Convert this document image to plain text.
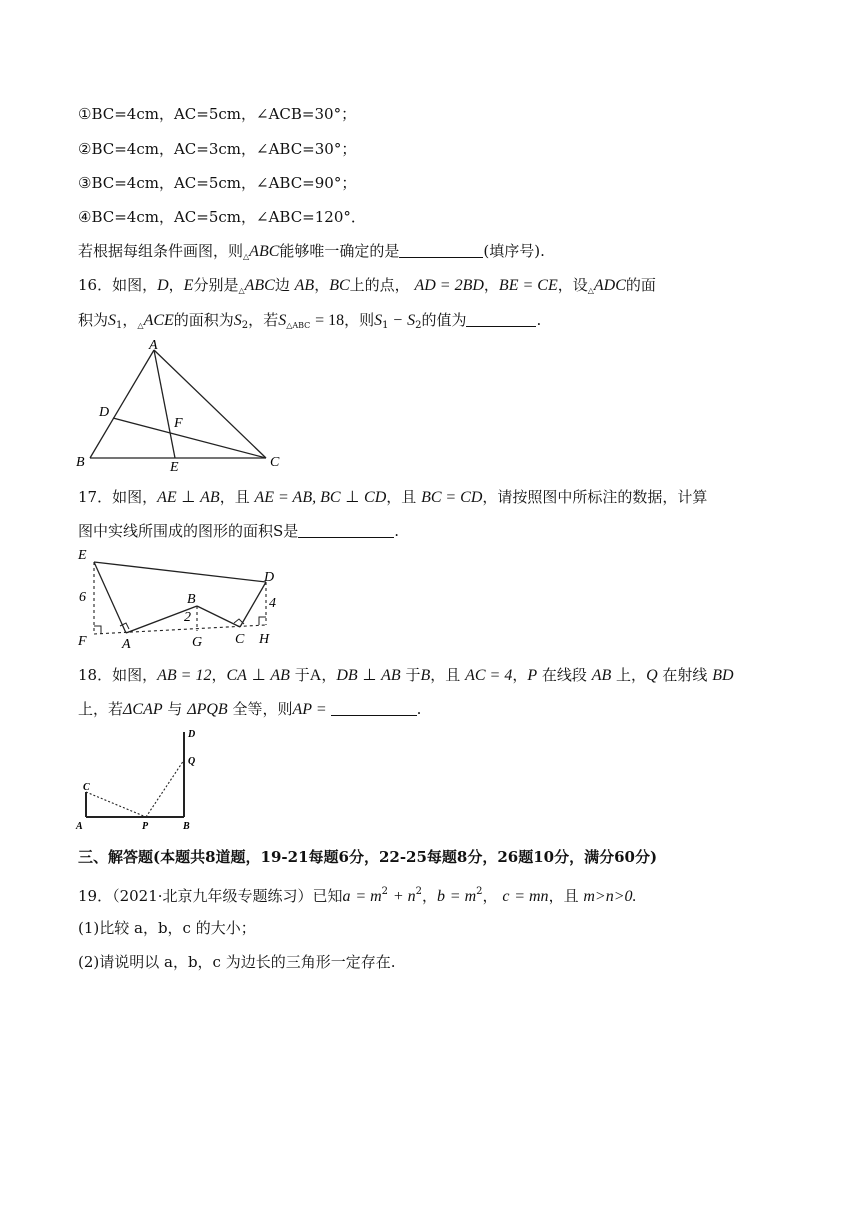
①BC=4cm，AC=5cm，∠ACB=30°；
②BC=4cm，AC=3cm，∠ABC=30°；
③BC=4cm，AC=5cm，∠ABC=90°；
④BC=4cm，AC=5cm，∠ABC=120°．
若根据每组条件画图，则$_\triangle$ABC能够唯一确定的是	(填序号).
16．如图，D，E分别是$_\triangle$ABC边 AB，BC上的点， AD = 2BD，BE = CE，设$_\triangle$ADC的面
积为$S_1$，$_\triangle$ACE的面积为$S_2$，若$S_{\triangle ABC} = 18$，则$S_1 - S_2$的值为	.
A
B	C
D
E
F
17．如图，AE ⊥ AB，且 AE = AB, BC ⊥ CD，且 BC = CD，请按照图中所标注的数据，计算
图中实线所围成的图形的面积S是	.
E
D
B
F	A	G C H
6	4
2
18．如图，AB = 12，CA ⊥ AB 于A，DB ⊥ AB 于B，且 AC = 4，P 在线段 AB 上，Q 在射线 BD
上，若ΔCAP 与 ΔPQB 全等，则AP =	.
C
A	P	B
D
Q
三、解答题(本题共8道题，19-21每题6分，22-25每题8分，26题10分，满分60分)
19．（2021·北京九年级专题练习）已知$a = m^2 + n^2$，$b = m^2$， c = mn，且 m>n>0.
(1)比较 a，b，c 的大小；
(2)请说明以 a，b，c 为边长的三角形一定存在.
